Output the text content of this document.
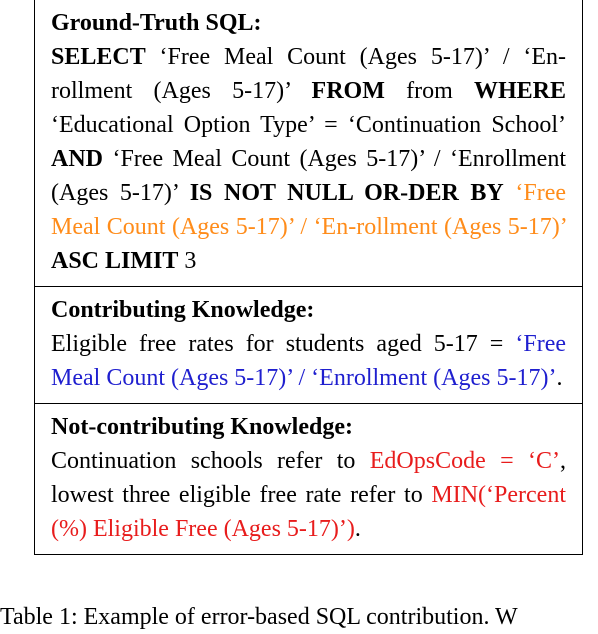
Ground-Truth SQL:
SELECT ‘Free Meal Count (Ages 5-17)’ / ‘En-rollment (Ages 5-17)’ FROM from WHERE ‘Educational Option Type’ = ‘Continuation School’ AND ‘Free Meal Count (Ages 5-17)’ / ‘Enrollment (Ages 5-17)’ IS NOT NULL OR-DER BY ‘Free Meal Count (Ages 5-17)’ / ‘En-rollment (Ages 5-17)’ ASC LIMIT 3
Contributing Knowledge:
Eligible free rates for students aged 5-17 = ‘Free Meal Count (Ages 5-17)’ / ‘Enrollment (Ages 5-17)’.
Not-contributing Knowledge:
Continuation schools refer to EdOpsCode = ‘C’, lowest three eligible free rate refer to MIN(‘Percent (%) Eligible Free (Ages 5-17)’).
Table 1: Example of error-based SQL contribution. W
